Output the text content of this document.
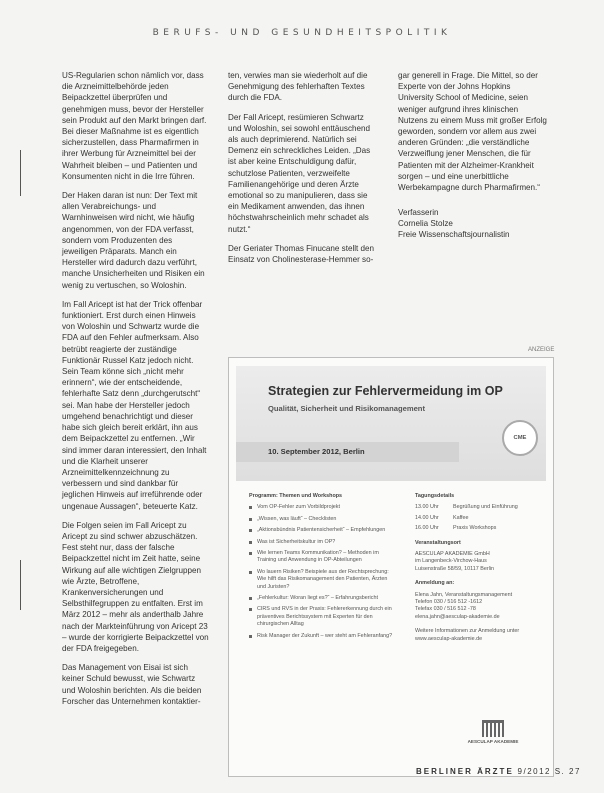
BERUFS- UND GESUNDHEITSPOLITIK

US-Regularien schon nämlich vor, dass die Arzneimittelbehörde jeden Beipackzettel überprüfen und genehmigen muss, bevor der Hersteller sein Produkt auf den Markt bringen darf. Bei dieser Maßnahme ist es eigentlich sicherzustellen, dass Pharmafirmen in ihrer Werbung für Arzneimittel bei der Wahrheit bleiben – und Patienten und Konsumenten nicht in die Irre führen.

Der Haken daran ist nun: Der Text mit allen Verabreichungs- und Warnhinweisen wird nicht, wie häufig angenommen, von der FDA verfasst, sondern vom Produzenten des jeweiligen Präparats. Manch ein Hersteller wird dadurch dazu verführt, manche Unsicherheiten und Risiken ein wenig zu vertuschen, so Woloshin.

Im Fall Aricept ist hat der Trick offenbar funktioniert. Erst durch einen Hinweis von Woloshin und Schwartz wurde die FDA auf den Fehler aufmerksam. Also betrübt reagierte der zuständige Funktionär Russel Katz jedoch nicht. Sein Team könne sich „nicht mehr erinnern“, wie der entscheidende, fehlerhafte Satz denn „durchgerutscht“ sei. Man habe der Hersteller jedoch umgehend benachrichtigt und dieser habe sich gleich bereit erklärt, ihn aus dem Beipackzettel zu entfernen. „Wir sind immer daran interessiert, den Inhalt und die Klarheit unserer Arzneimittelkennzeichnung zu verbessern und sind dankbar für jeglichen Hinweis auf irreführende oder ungenaue Aussagen“, beteuerte Katz.

Die Folgen seien im Fall Aricept zu Aricept zu sind schwer abzuschätzen. Fest steht nur, dass der falsche Beipackzettel nicht im Zeit hatte, seine Wirkung auf alle wichtigen Zielgruppen wie Ärzte, Betroffene, Krankenversicherungen und Selbsthilfegruppen zu entfalten. Erst im März 2012 – mehr als anderthalb Jahre nach der Markteinführung von Aricept 23 – wurde der korrigierte Beipackzettel von der FDA freigegeben.

Das Management von Eisai ist sich keiner Schuld bewusst, wie Schwartz und Woloshin berichten. Als die beiden Forscher das Unternehmen kontaktier-

ten, verwies man sie wiederholt auf die Genehmigung des fehlerhaften Textes durch die FDA.

Der Fall Aricept, resümieren Schwartz und Woloshin, sei sowohl enttäuschend als auch deprimierend. Natürlich sei Demenz ein schreckliches Leiden. „Das ist aber keine Entschuldigung dafür, schutzlose Patienten, verzweifelte Familienangehörige und deren Ärzte emotional so zu manipulieren, dass sie ein Medikament anwenden, das ihnen höchstwahrscheinlich mehr schadet als nutzt.“

Der Geriater Thomas Finucane stellt den Einsatz von Cholinesterase-Hemmer so-

gar generell in Frage. Die Mittel, so der Experte von der Johns Hopkins University School of Medicine, seien weniger aufgrund ihres klinischen Nutzens zu einem Muss mit großer Erfolg geworden, sondern vor allem aus zwei anderen Gründen: „die verständliche Verzweiflung jener Menschen, die für Patienten mit der Alzheimer-Krankheit sorgen – und eine unerbittliche Werbekampagne durch Pharmafirmen.“

Verfasserin
Cornelia Stolze
Freie Wissenschaftsjournalistin
ANZEIGE
Strategien zur Fehlervermeidung im OP
Qualität, Sicherheit und Risikomanagement
10. September 2012, Berlin
CME
Programm: Themen und Workshops
Vom OP-Fehler zum Vorbildprojekt
„Wissen, was läuft“ – Checklisten
„Aktionsbündnis Patientensicherheit“ – Empfehlungen
Was ist Sicherheitskultur im OP?
Wie lernen Teams Kommunikation? – Methoden im Training und Anwendung in OP-Abteilungen
Wo lauern Risiken? Beispiele aus der Rechtsprechung: Wie hilft das Risikomanagement den Patienten, Ärzten und Juristen?
„Fehlerkultur: Woran liegt es?“ – Erfahrungsbericht
CIRS und RVS in der Praxis: Fehlererkennung durch ein präventives Berichtssystem mit Experten für den chirurgischen Alltag
Risk Manager der Zukunft – wer steht am Fehleranfang?
Tagungsdetails
13.00 Uhr	Begrüßung und Einführung
14.00 Uhr	Kaffee
16.00 Uhr	Praxis Workshops
Veranstaltungsort
AESCULAP AKADEMIE GmbH
im Langenbeck-Virchow-Haus
Luisenstraße 58/59, 10117 Berlin
Anmeldung an:
Elena Jahn, Veranstaltungsmanagement
Telefon 030 / 516 512 -1612
Telefax 030 / 516 512 -78
elena.jahn@aesculap-akademie.de
Weitere Informationen zur Anmeldung unter
www.aesculap-akademie.de
AESCULAP AKADEMIE
BERLINER ÄRZTE 9/2012 S. 27
